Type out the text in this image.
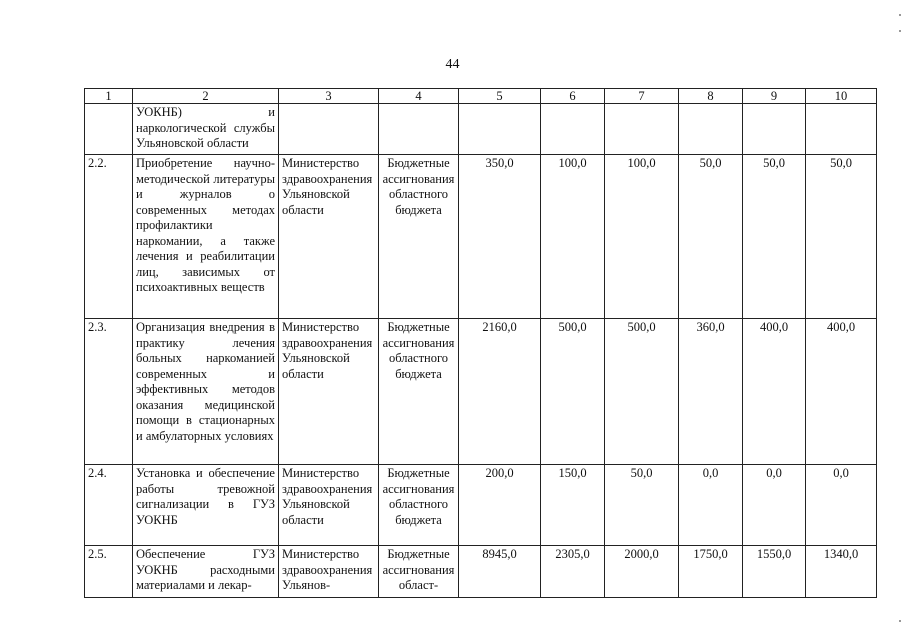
44
1	2	3	4	5	6	7	8	9	10
	УОКНБ) и наркологической службы Ульяновской области								
2.2.	Приобретение научно-методической литературы и журналов о современных методах профилактики наркомании, а также лечения и реабилитации лиц, зависимых от психоактивных веществ	Министерство здравоохранения Ульяновской области	Бюджетные ассигнования областного бюджета	350,0	100,0	100,0	50,0	50,0	50,0
2.3.	Организация внедрения в практику лечения больных наркоманией современных и эффективных методов оказания медицинской помощи в стационарных и амбулаторных условиях	Министерство здравоохранения Ульяновской области	Бюджетные ассигнования областного бюджета	2160,0	500,0	500,0	360,0	400,0	400,0
2.4.	Установка и обеспечение работы тревожной сигнализации в ГУЗ УОКНБ	Министерство здравоохранения Ульяновской области	Бюджетные ассигнования областного бюджета	200,0	150,0	50,0	0,0	0,0	0,0
2.5.	Обеспечение ГУЗ УОКНБ расходными материалами и лекар-	Министерство здравоохранения Ульянов-	Бюджетные ассигнования област-	8945,0	2305,0	2000,0	1750,0	1550,0	1340,0
